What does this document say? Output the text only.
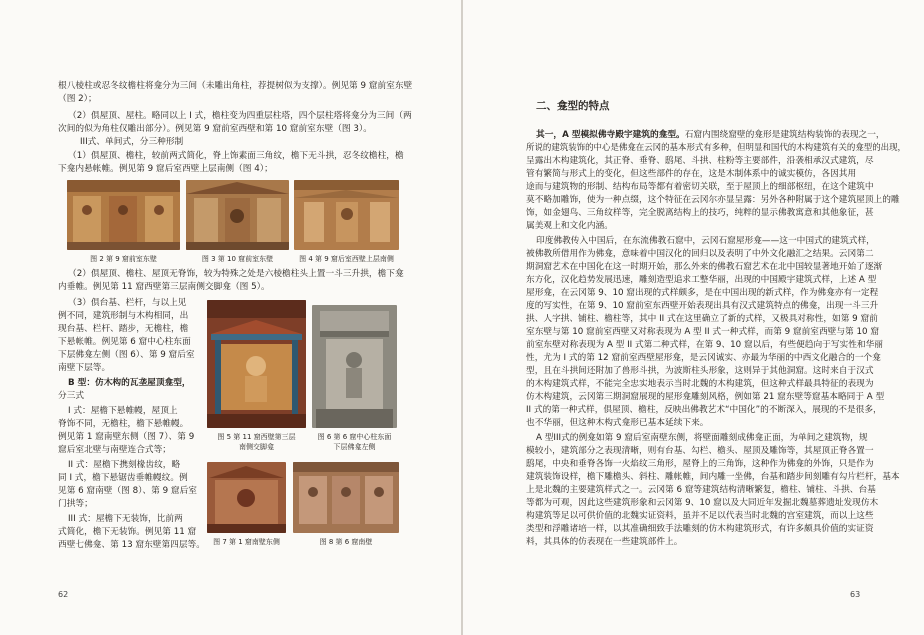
根八棱柱或忍冬纹檐柱将龛分为三间（未雕出角柱，荐提树似为支撑）。例见第 9 窟前室东壁
（图 2）；
（2）倶屋顶、屋柱。略同以上 I 式，檐柱变为四重层柱塔，四个层柱塔将龛分为三间（两
次间的似为角柱仅雕出部分）。例见第 9 窟前室西壁和第 10 窟前室东壁（图 3）。
III式、单间式，分三种形制
（1）倶屋顶、檐柱，较前两式简化，脊上饰素面三角纹，檐下无斗拱，忍冬纹檐柱，檐
下龛内悬帐帷。例见第 9 窟后室西壁上层南侧（图 4）；
图 2 第 9 窟前室东壁	图 3 第 10 窟前室东壁	图 4 第 9 窟后室西壁上层南侧
（2）倶屋顶、檐柱、屋顶无脊饰，较为特殊之处是六棱檐柱头上置一斗三升拱，檐下龛
内垂帷。例见第 11 窟西壁第三层南侧交脚龛（图 5）。
（3）倶台基、栏杆，与以上见
例不同，建筑形制与木构相同，出
现台基、栏杆、踏步，无檐柱，檐
下悬帐帷。例见第 6 窟中心柱东面
下层佛龛左侧（图 6）、第 9 窟后室
南壁下层等。
B 型：仿木构的瓦垄屋顶龛型，
分三式
I 式：屋檐下悬帷幔，屋顶上
脊饰不同，无檐柱，檐下悬帷幔。
例见第 1 窟南壁东侧（图 7）、第 9
窟后室北壁与南壁连合式等；
II 式：屋檐下携刻椽齿纹，略
同 I 式，檐下悬锯齿垂帷幔纹。例
见第 6 窟南壁（图 8）、第 9 窟后室
门拱等；
III 式：屋檐下无装饰，比前两
式简化，檐下无装饰。例见第 11 窟
西壁七佛龛、第 13 窟东壁第四层等。
图 5 第 11 窟西壁第三层
南侧交脚龛
图 6 第 6 窟中心柱东面
下层佛龛左侧
图 7 第 1 窟南壁东侧	图 8 第 6 窟南壁
62
二、龛型的特点
其一，A 型模拟佛寺殿宇建筑的龛型。石窟内围绕窟壁的龛形是建筑结构装饰的表现之一，
所说的建筑装饰的中心是佛龛在云冈的基本形式有多种，但明显和国代的木构建筑有关的龛型的出现，
呈露出木构建筑化，其正脊、垂脊、鸱尾、斗拱、柱粉等主要部件，沿袭相承汉式建筑，尽
管有繁简与形式上的变化，但这些部件的存在，这是木制体系中的诚实模仿，各因其用
途而与建筑物的形制、结构布局等都有着密切关联，至于屋顶上的细部枢纽，在这个建筑中
莫不略加雕饰，使为一种点缀，这个特征在云冈尔亦显呈露：另外各种附属于这个建筑屋顶上的雕
饰，如金翅鸟、三角纹样等，完全脱离结构上的技巧，纯粹的显示佛教寓意和其他象征，甚
属美观上和文化内涵。
印度佛教传入中国后，在东流佛教石窟中，云冈石窟屋形龛——这一中国式的建筑式样，
被佛教所借用作为佛龛，意味着中国汉化的回归以及表明了中外文化融汇之结果。云冈第二
期洞窟艺术在中国化在这一时期开始，那么外来的佛教石窟艺术在北中国较显著地开始了逐渐
东方化，汉化趋势发展迅速，雕刻造型追求工整华丽，出现的中国殿宇建筑式样，上述 A 型
屋形龛，在云冈第 9、10 窟出现的式样颇多，是在中国出现的新式样，作为佛龛亦有一定程
度的写实性，在第 9、10 窟前室东西壁开始表现出具有汉式建筑特点的佛龛，出现一斗三升
拱、人字拱、铺柱、檐柱等，其中 II 式在这里确立了新的式样，又极具对称性，如第 9 窟前
室东壁与第 10 窟前室西壁又对称表现为 A 型 II 式一种式样，而第 9 窟前室西壁与第 10 窟
前室东壁对称表现为 A 型 II 式第二种式样，在第 9、10 窟以后，有些便趋向于写实性和华丽
性，尤为 I 式的第 12 窟前室西壁屋形龛，是云冈诚实、亦最为华丽的中西文化融合的一个龛
型，且在斗拱间还附加了兽形斗拱，为波斯柱头形象，这则异于其他洞窟。这时来自于汉式
的木构建筑式样，不能完全忠实地表示当时北魏的木构建筑，但这种式样最具特征的表现为
仿木构建筑，云冈第三期洞窟展现的屋形龛雕刻风格，例如第 21 窟东壁等窟基本略同于 A 型
II 式的第一种式样，倶屋顶、檐柱，反映出佛教艺术“中国化”的不断深入，展现的不是很多，
也不华丽，但这种木构式龛形已基本延续下来。
A 型III式的例龛如第 9 窟后室南壁东侧，将壁面雕刻成佛龛正面，为单间之建筑物，规
模较小，建筑部分之表现清晰，则有台基、勾栏、檐头、屋顶及雕饰等，其屋顶正脊各置一
鸱尾，中央和垂脊各饰一火焰纹三角形，屋脊上的三角饰，这种作为佛龛的外饰，只是作为
建筑装饰设样，檐下雕檐头、斜柱、雕帐帷，间内雕一坐佛，台基和踏步间刻雕有勾片栏杆，基本
上是北魏的主要建筑样式之一。云冈第 6 窟等建筑结构清晰繁复，檐柱、铺柱、斗拱、台基
等都为可观，因此这些建筑形象和云冈第 9、10 窟以及大同近年发掘北魏墓葬遗址发现仿木
构建筑等足以可供价值的北魏实证资料，虽并不足以代表当时北魏的宫室建筑，而以上这些
类型和浮雕诸培一样，以其准确细致手法雕刻的仿木构建筑形式，有许多颇具价值的实证资
料，其具体的仿表现在一些建筑部件上。
63
